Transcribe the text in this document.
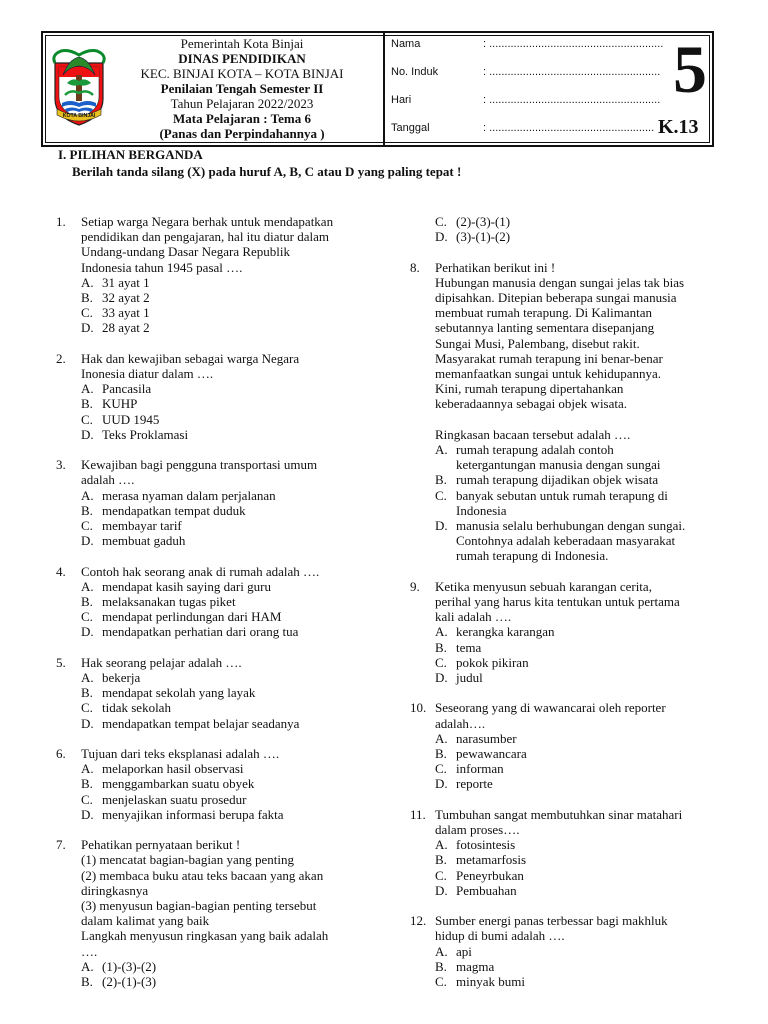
KOTA BINJAI
Pemerintah Kota Binjai
DINAS PENDIDIKAN
KEC. BINJAI KOTA – KOTA BINJAI
Penilaian Tengah Semester II
Tahun Pelajaran 2022/2023
Mata Pelajaran : Tema 6
(Panas dan Perpindahannya )
Nama	: .........................................................
No. Induk	: ........................................................
Hari	: ........................................................
Tanggal	: ......................................................
5
K.13
I. PILIHAN BERGANDA
Berilah tanda silang (X) pada huruf A, B, C atau D yang paling tepat !
1.	Setiap warga Negara berhak untuk mendapatkan
pendidikan dan pengajaran, hal itu diatur dalam
Undang-undang Dasar Negara Republik
Indonesia tahun 1945 pasal ….
A. 31 ayat 1
B. 32 ayat 2
C. 33 ayat 1
D. 28 ayat 2
2.	Hak dan kewajiban sebagai warga Negara
Inonesia diatur dalam ….
A. Pancasila
B. KUHP
C. UUD 1945
D. Teks Proklamasi
3.	Kewajiban bagi pengguna transportasi umum
adalah ….
A. merasa nyaman dalam perjalanan
B. mendapatkan tempat duduk
C. membayar tarif
D. membuat gaduh
4.	Contoh hak seorang anak di rumah adalah ….
A. mendapat kasih saying dari guru
B. melaksanakan tugas piket
C. mendapat perlindungan dari HAM
D. mendapatkan perhatian dari orang tua
5.	Hak seorang pelajar adalah ….
A. bekerja
B. mendapat sekolah yang layak
C. tidak sekolah
D. mendapatkan tempat belajar seadanya
6.	Tujuan dari teks eksplanasi adalah ….
A. melaporkan hasil observasi
B. menggambarkan suatu obyek
C. menjelaskan suatu prosedur
D. menyajikan informasi berupa fakta
7.	Pehatikan pernyataan berikut !
(1) mencatat bagian-bagian yang penting
(2) membaca buku atau teks bacaan yang akan
diringkasnya
(3) menyusun bagian-bagian penting tersebut
dalam kalimat yang baik
Langkah menyusun ringkasan yang baik adalah
….
A. (1)-(3)-(2)
B. (2)-(1)-(3)
C. (2)-(3)-(1)
D. (3)-(1)-(2)
8.	Perhatikan berikut ini !
Hubungan manusia dengan sungai jelas tak bias
dipisahkan. Ditepian beberapa sungai manusia
membuat rumah terapung. Di Kalimantan
sebutannya lanting sementara disepanjang
Sungai Musi, Palembang, disebut rakit.
Masyarakat rumah terapung ini benar-benar
memanfaatkan sungai untuk kehidupannya.
Kini, rumah terapung dipertahankan
keberadaannya sebagai objek wisata.

Ringkasan bacaan tersebut adalah ….
A. rumah terapung adalah contoh
ketergantungan manusia dengan sungai
B. rumah terapung dijadikan objek wisata
C. banyak sebutan untuk rumah terapung di
Indonesia
D. manusia selalu berhubungan dengan sungai.
Contohnya adalah keberadaan masyarakat
rumah terapung di Indonesia.
9.	Ketika menyusun sebuah karangan cerita,
perihal yang harus kita tentukan untuk pertama
kali adalah ….
A. kerangka karangan
B. tema
C. pokok pikiran
D. judul
10. Seseorang yang di wawancarai oleh reporter
adalah….
A. narasumber
B. pewawancara
C. informan
D. reporte
11. Tumbuhan sangat membutuhkan sinar matahari
dalam proses….
A. fotosintesis
B. metamarfosis
C. Peneyrbukan
D. Pembuahan
12. Sumber energi panas terbessar bagi makhluk
hidup di bumi adalah ….
A. api
B. magma
C. minyak bumi
